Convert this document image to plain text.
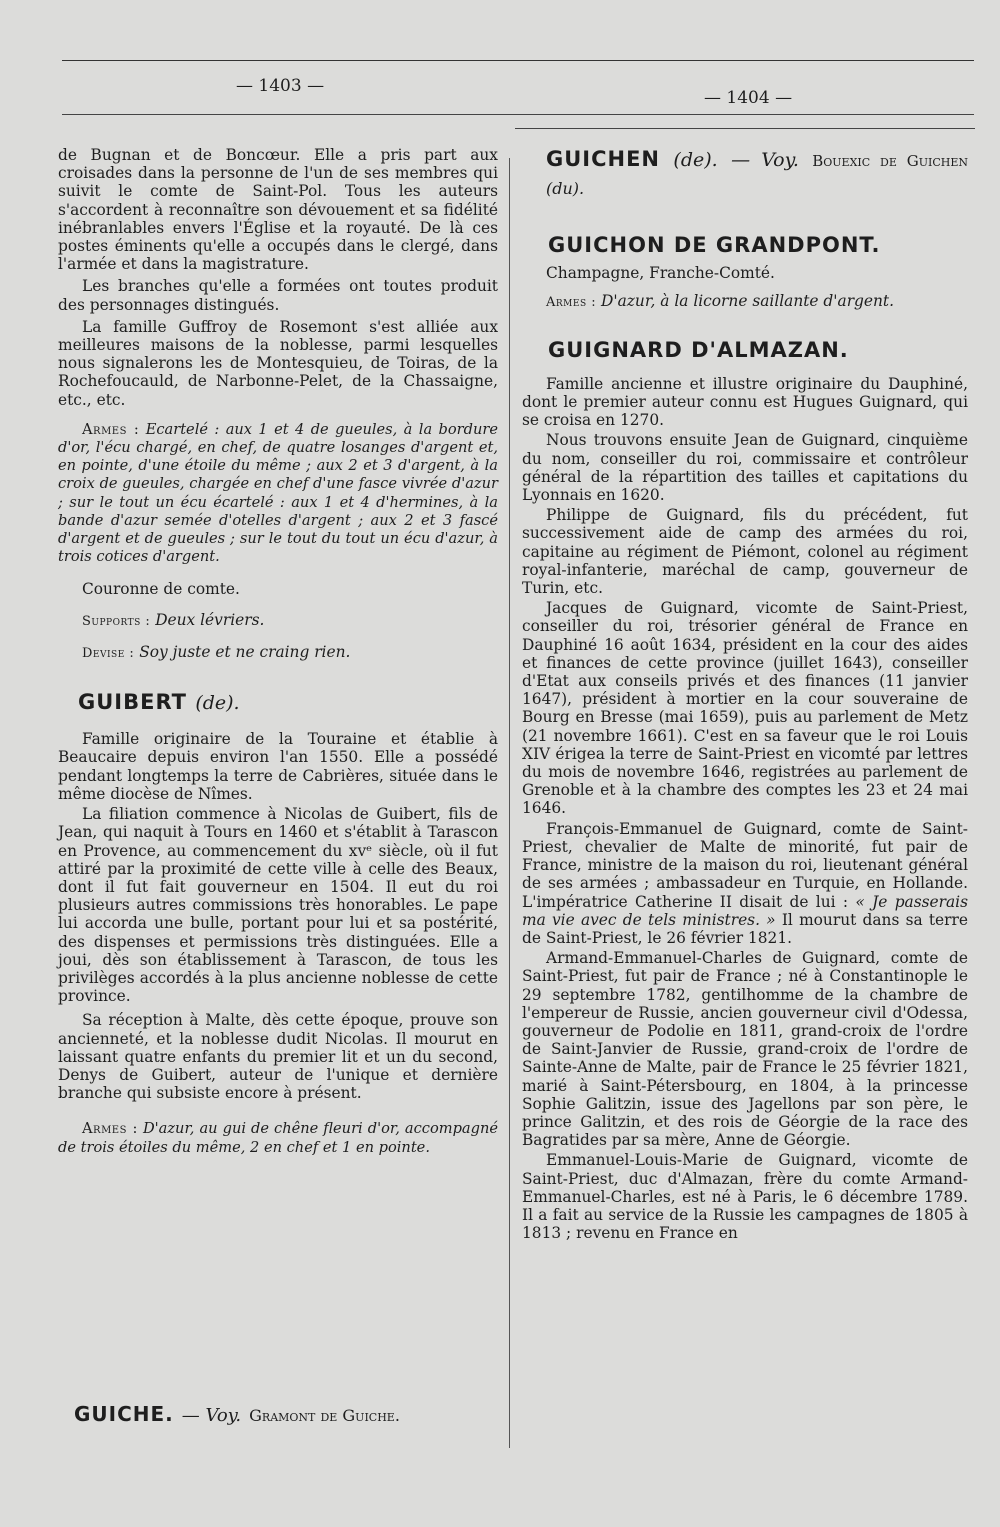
— 1403 —
— 1404 —

de Bugnan et de Boncœur. Elle a pris part aux croisades dans la personne de l'un de ses membres qui suivit le comte de Saint-Pol. Tous les auteurs s'accordent à reconnaître son dévouement et sa fidélité inébranlables envers l'Église et la royauté. De là ces postes éminents qu'elle a occupés dans le clergé, dans l'armée et dans la magistrature.

Les branches qu'elle a formées ont toutes produit des personnages distingués.

La famille Guffroy de Rosemont s'est alliée aux meilleures maisons de la noblesse, parmi lesquelles nous signalerons les de Montesquieu, de Toiras, de la Rochefoucauld, de Narbonne-Pelet, de la Chassaigne, etc., etc.

Armes : Ecartelé : aux 1 et 4 de gueules, à la bordure d'or, l'écu chargé, en chef, de quatre losanges d'argent et, en pointe, d'une étoile du même ; aux 2 et 3 d'argent, à la croix de gueules, chargée en chef d'une fasce vivrée d'azur ; sur le tout un écu écartelé : aux 1 et 4 d'hermines, à la bande d'azur semée d'otelles d'argent ; aux 2 et 3 fascé d'argent et de gueules ; sur le tout du tout un écu d'azur, à trois cotices d'argent.

Couronne de comte.

Supports : Deux lévriers.

Devise : Soy juste et ne craing rien.

GUIBERT (de).

Famille originaire de la Touraine et établie à Beaucaire depuis environ l'an 1550. Elle a possédé pendant longtemps la terre de Cabrières, située dans le même diocèse de Nîmes.

La filiation commence à Nicolas de Guibert, fils de Jean, qui naquit à Tours en 1460 et s'établit à Tarascon en Provence, au commencement du xvᵉ siècle, où il fut attiré par la proximité de cette ville à celle des Beaux, dont il fut fait gouverneur en 1504. Il eut du roi plusieurs autres commissions très honorables. Le pape lui accorda une bulle, portant pour lui et sa postérité, des dispenses et permissions très distinguées. Elle a joui, dès son établissement à Tarascon, de tous les privilèges accordés à la plus ancienne noblesse de cette province.

Sa réception à Malte, dès cette époque, prouve son ancienneté, et la noblesse dudit Nicolas. Il mourut en laissant quatre enfants du premier lit et un du second, Denys de Guibert, auteur de l'unique et dernière branche qui subsiste encore à présent.

Armes : D'azur, au gui de chêne fleuri d'or, accompagné de trois étoiles du même, 2 en chef et 1 en pointe.

GUICHE. — Voy. Gramont de Guiche.

GUICHEN (de). — Voy. Bouexic de Guichen (du).

GUICHON DE GRANDPONT.

Champagne, Franche-Comté.

Armes : D'azur, à la licorne saillante d'argent.

GUIGNARD D'ALMAZAN.

Famille ancienne et illustre originaire du Dauphiné, dont le premier auteur connu est Hugues Guignard, qui se croisa en 1270.

Nous trouvons ensuite Jean de Guignard, cinquième du nom, conseiller du roi, commissaire et contrôleur général de la répartition des tailles et capitations du Lyonnais en 1620.

Philippe de Guignard, fils du précédent, fut successivement aide de camp des armées du roi, capitaine au régiment de Piémont, colonel au régiment royal-infanterie, maréchal de camp, gouverneur de Turin, etc.

Jacques de Guignard, vicomte de Saint-Priest, conseiller du roi, trésorier général de France en Dauphiné 16 août 1634, président en la cour des aides et finances de cette province (juillet 1643), conseiller d'Etat aux conseils privés et des finances (11 janvier 1647), président à mortier en la cour souveraine de Bourg en Bresse (mai 1659), puis au parlement de Metz (21 novembre 1661). C'est en sa faveur que le roi Louis XIV érigea la terre de Saint-Priest en vicomté par lettres du mois de novembre 1646, registrées au parlement de Grenoble et à la chambre des comptes les 23 et 24 mai 1646.

François-Emmanuel de Guignard, comte de Saint-Priest, chevalier de Malte de minorité, fut pair de France, ministre de la maison du roi, lieutenant général de ses armées ; ambassadeur en Turquie, en Hollande. L'impératrice Catherine II disait de lui : « Je passerais ma vie avec de tels ministres. » Il mourut dans sa terre de Saint-Priest, le 26 février 1821.

Armand-Emmanuel-Charles de Guignard, comte de Saint-Priest, fut pair de France ; né à Constantinople le 29 septembre 1782, gentilhomme de la chambre de l'empereur de Russie, ancien gouverneur civil d'Odessa, gouverneur de Podolie en 1811, grand-croix de l'ordre de Saint-Janvier de Russie, grand-croix de l'ordre de Sainte-Anne de Malte, pair de France le 25 février 1821, marié à Saint-Pétersbourg, en 1804, à la princesse Sophie Galitzin, issue des Jagellons par son père, le prince Galitzin, et des rois de Géorgie de la race des Bagratides par sa mère, Anne de Géorgie.

Emmanuel-Louis-Marie de Guignard, vicomte de Saint-Priest, duc d'Almazan, frère du comte Armand-Emmanuel-Charles, est né à Paris, le 6 décembre 1789. Il a fait au service de la Russie les campagnes de 1805 à 1813 ; revenu en France en
